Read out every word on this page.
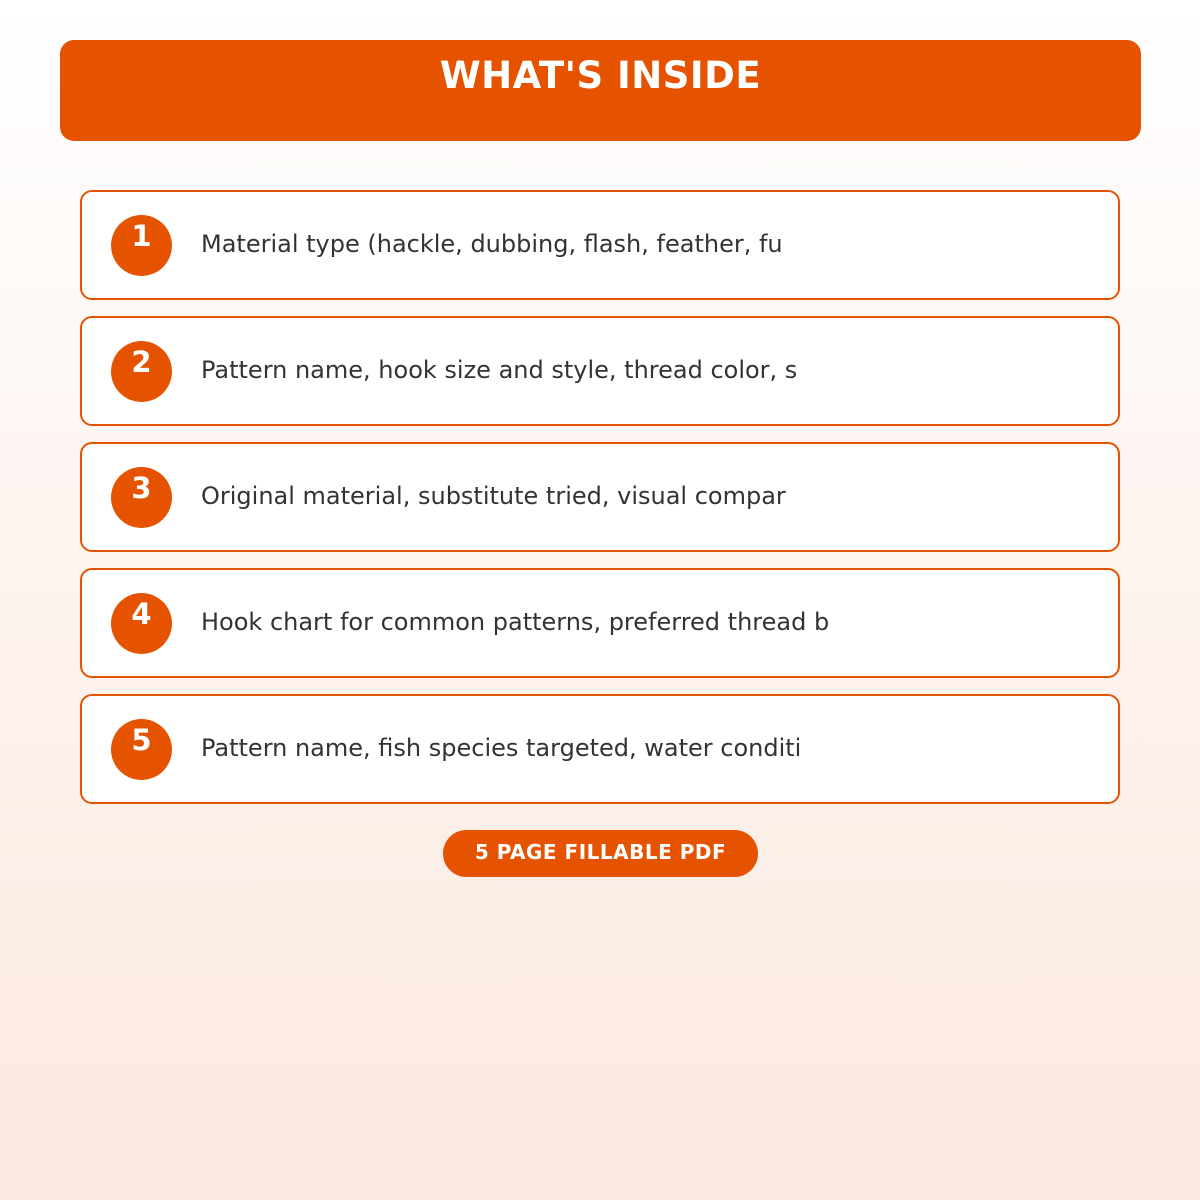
WHAT'S INSIDE
1	Material type (hackle, dubbing, flash, feather, fu
2	Pattern name, hook size and style, thread color, s
3	Original material, substitute tried, visual compar
4	Hook chart for common patterns, preferred thread b
5	Pattern name, fish species targeted, water conditi
5 PAGE FILLABLE PDF
